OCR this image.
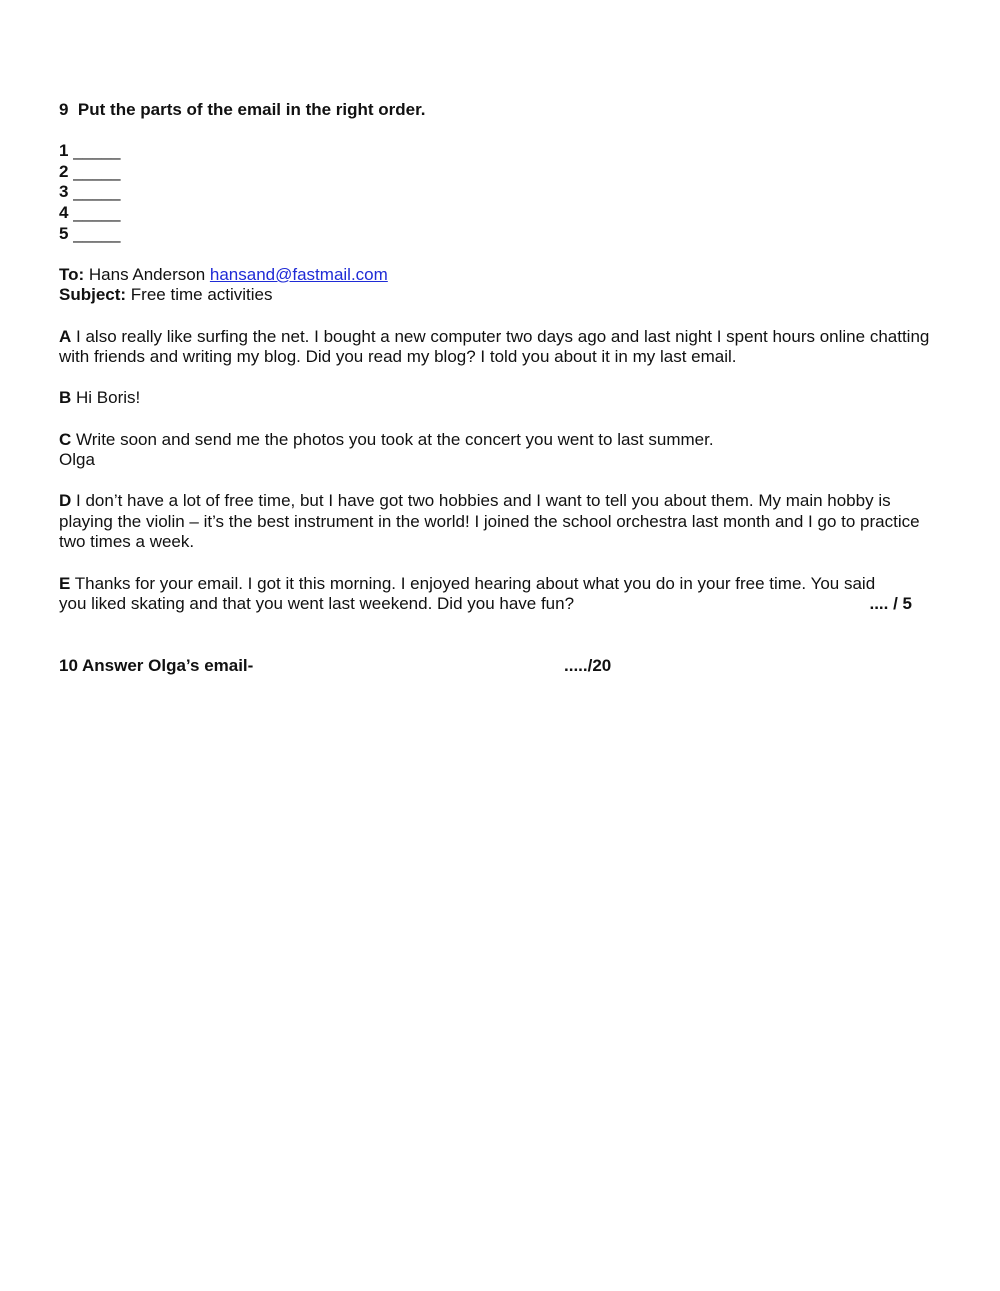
9 Put the parts of the email in the right order.
1 _____
2 _____
3 _____
4 _____
5 _____
To: Hans Anderson hansand@fastmail.com
Subject: Free time activities
A I also really like surfing the net. I bought a new computer two days ago and last night I spent hours online chatting with friends and writing my blog. Did you read my blog? I told you about it in my last email.
B Hi Boris!
C Write soon and send me the photos you took at the concert you went to last summer.
Olga
D I don’t have a lot of free time, but I have got two hobbies and I want to tell you about them. My main hobby is playing the violin – it’s the best instrument in the world! I joined the school orchestra last month and I go to practice two times a week.
E Thanks for your email. I got it this morning. I enjoyed hearing about what you do in your free time. You said
you liked skating and that you went last weekend. Did you have fun?	.... / 5
10 Answer Olga’s email-	...../20
